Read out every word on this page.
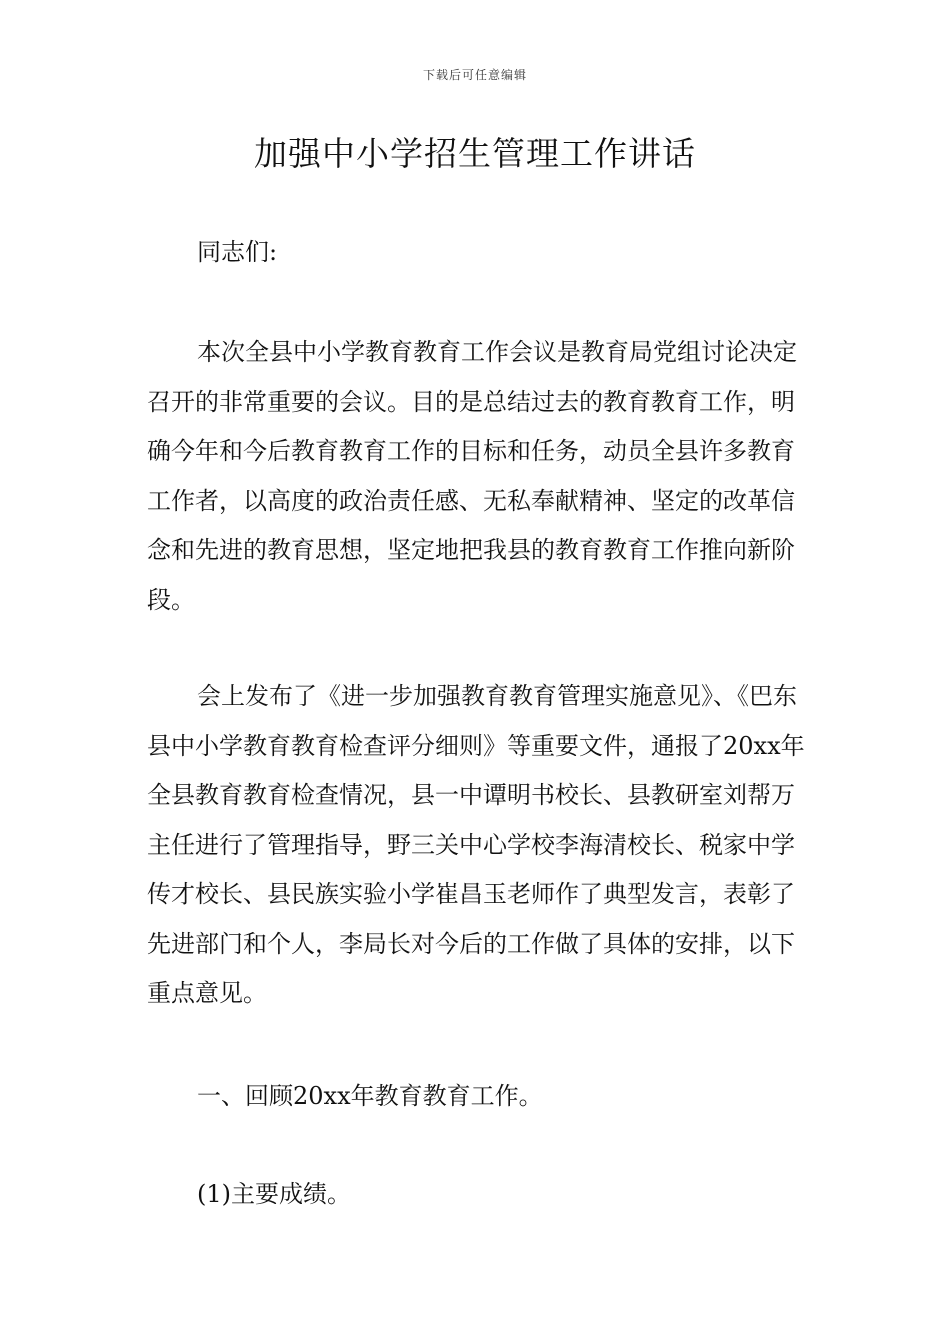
下载后可任意编辑
加强中小学招生管理工作讲话

同志们:

本次全县中小学教育教育工作会议是教育局党组讨论决定召开的非常重要的会议。目的是总结过去的教育教育工作，明确今年和今后教育教育工作的目标和任务，动员全县许多教育工作者，以高度的政治责任感、无私奉献精神、坚定的改革信念和先进的教育思想，坚定地把我县的教育教育工作推向新阶段。

会上发布了《进一步加强教育教育管理实施意见》、《巴东县中小学教育教育检查评分细则》等重要文件，通报了20xx年全县教育教育检查情况，县一中谭明书校长、县教研室刘帮万主任进行了管理指导，野三关中心学校李海清校长、税家中学传才校长、县民族实验小学崔昌玉老师作了典型发言，表彰了先进部门和个人，李局长对今后的工作做了具体的安排，以下重点意见。

一、回顾20xx年教育教育工作。

(1)主要成绩。
